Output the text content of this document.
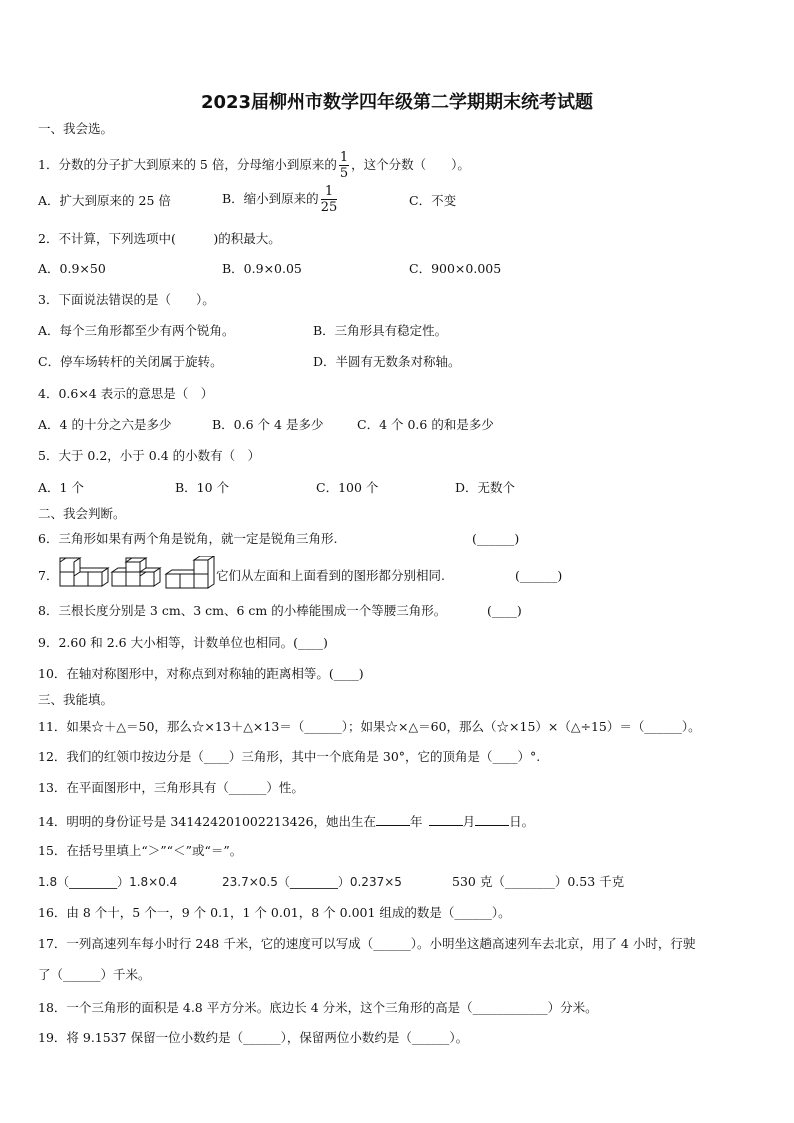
2023届柳州市数学四年级第二学期期末统考试题
一、我会选。
1．分数的分子扩大到原来的 5 倍，分母缩小到原来的 $\frac{1}{5}$ ，这个分数（　　）。
A．扩大到原来的 25 倍	B．缩小到原来的 $\frac{1}{25}$	C．不变
2．不计算，下列选项中(　　　)的积最大。
A．0.9×50	B．0.9×0.05	C．900×0.005
3．下面说法错误的是（　　）。
A．每个三角形都至少有两个锐角。	B．三角形具有稳定性。
C．停车场转杆的关闭属于旋转。	D．半圆有无数条对称轴。
4．0.6×4 表示的意思是（　）
A．4 的十分之六是多少	B．0.6 个 4 是多少	C．4 个 0.6 的和是多少
5．大于 0.2，小于 0.4 的小数有（　）
A．1 个	B．10 个	C．100 个	D．无数个
二、我会判断。
6．三角形如果有两个角是锐角，就一定是锐角三角形.	(______)
7．	它们从左面和上面看到的图形都分别相同.	(______)
8．三根长度分别是 3 cm、3 cm、6 cm 的小棒能围成一个等腰三角形。	(____)
9．2.60 和 2.6 大小相等，计数单位也相同。(____)
10．在轴对称图形中，对称点到对称轴的距离相等。(____)
三、我能填。
11．如果☆＋△＝50，那么☆×13＋△×13＝（______）；如果☆×△＝60，那么（☆×15）×（△÷15）＝（______）。
12．我们的红领巾按边分是（____）三角形，其中一个底角是 30°，它的顶角是（____）°.
13．在平面图形中，三角形具有（______）性。
14．明明的身份证号是 341424201002213426，她出生在	年	月	日。
15．在括号里填上“＞”“＜”或“＝”。
1.8（________）1.8×0.4	23.7×0.5（________）0.237×5	530 克（________）0.53 千克
16．由 8 个十，5 个一，9 个 0.1，1 个 0.01，8 个 0.001 组成的数是（______）。
17．一列高速列车每小时行 248 千米，它的速度可以写成（______）。小明坐这趟高速列车去北京，用了 4 小时，行驶
了（______）千米。
18．一个三角形的面积是 4.8 平方分米。底边长 4 分米，这个三角形的高是（____________）分米。
19．将 9.1537 保留一位小数约是（______），保留两位小数约是（______）。
